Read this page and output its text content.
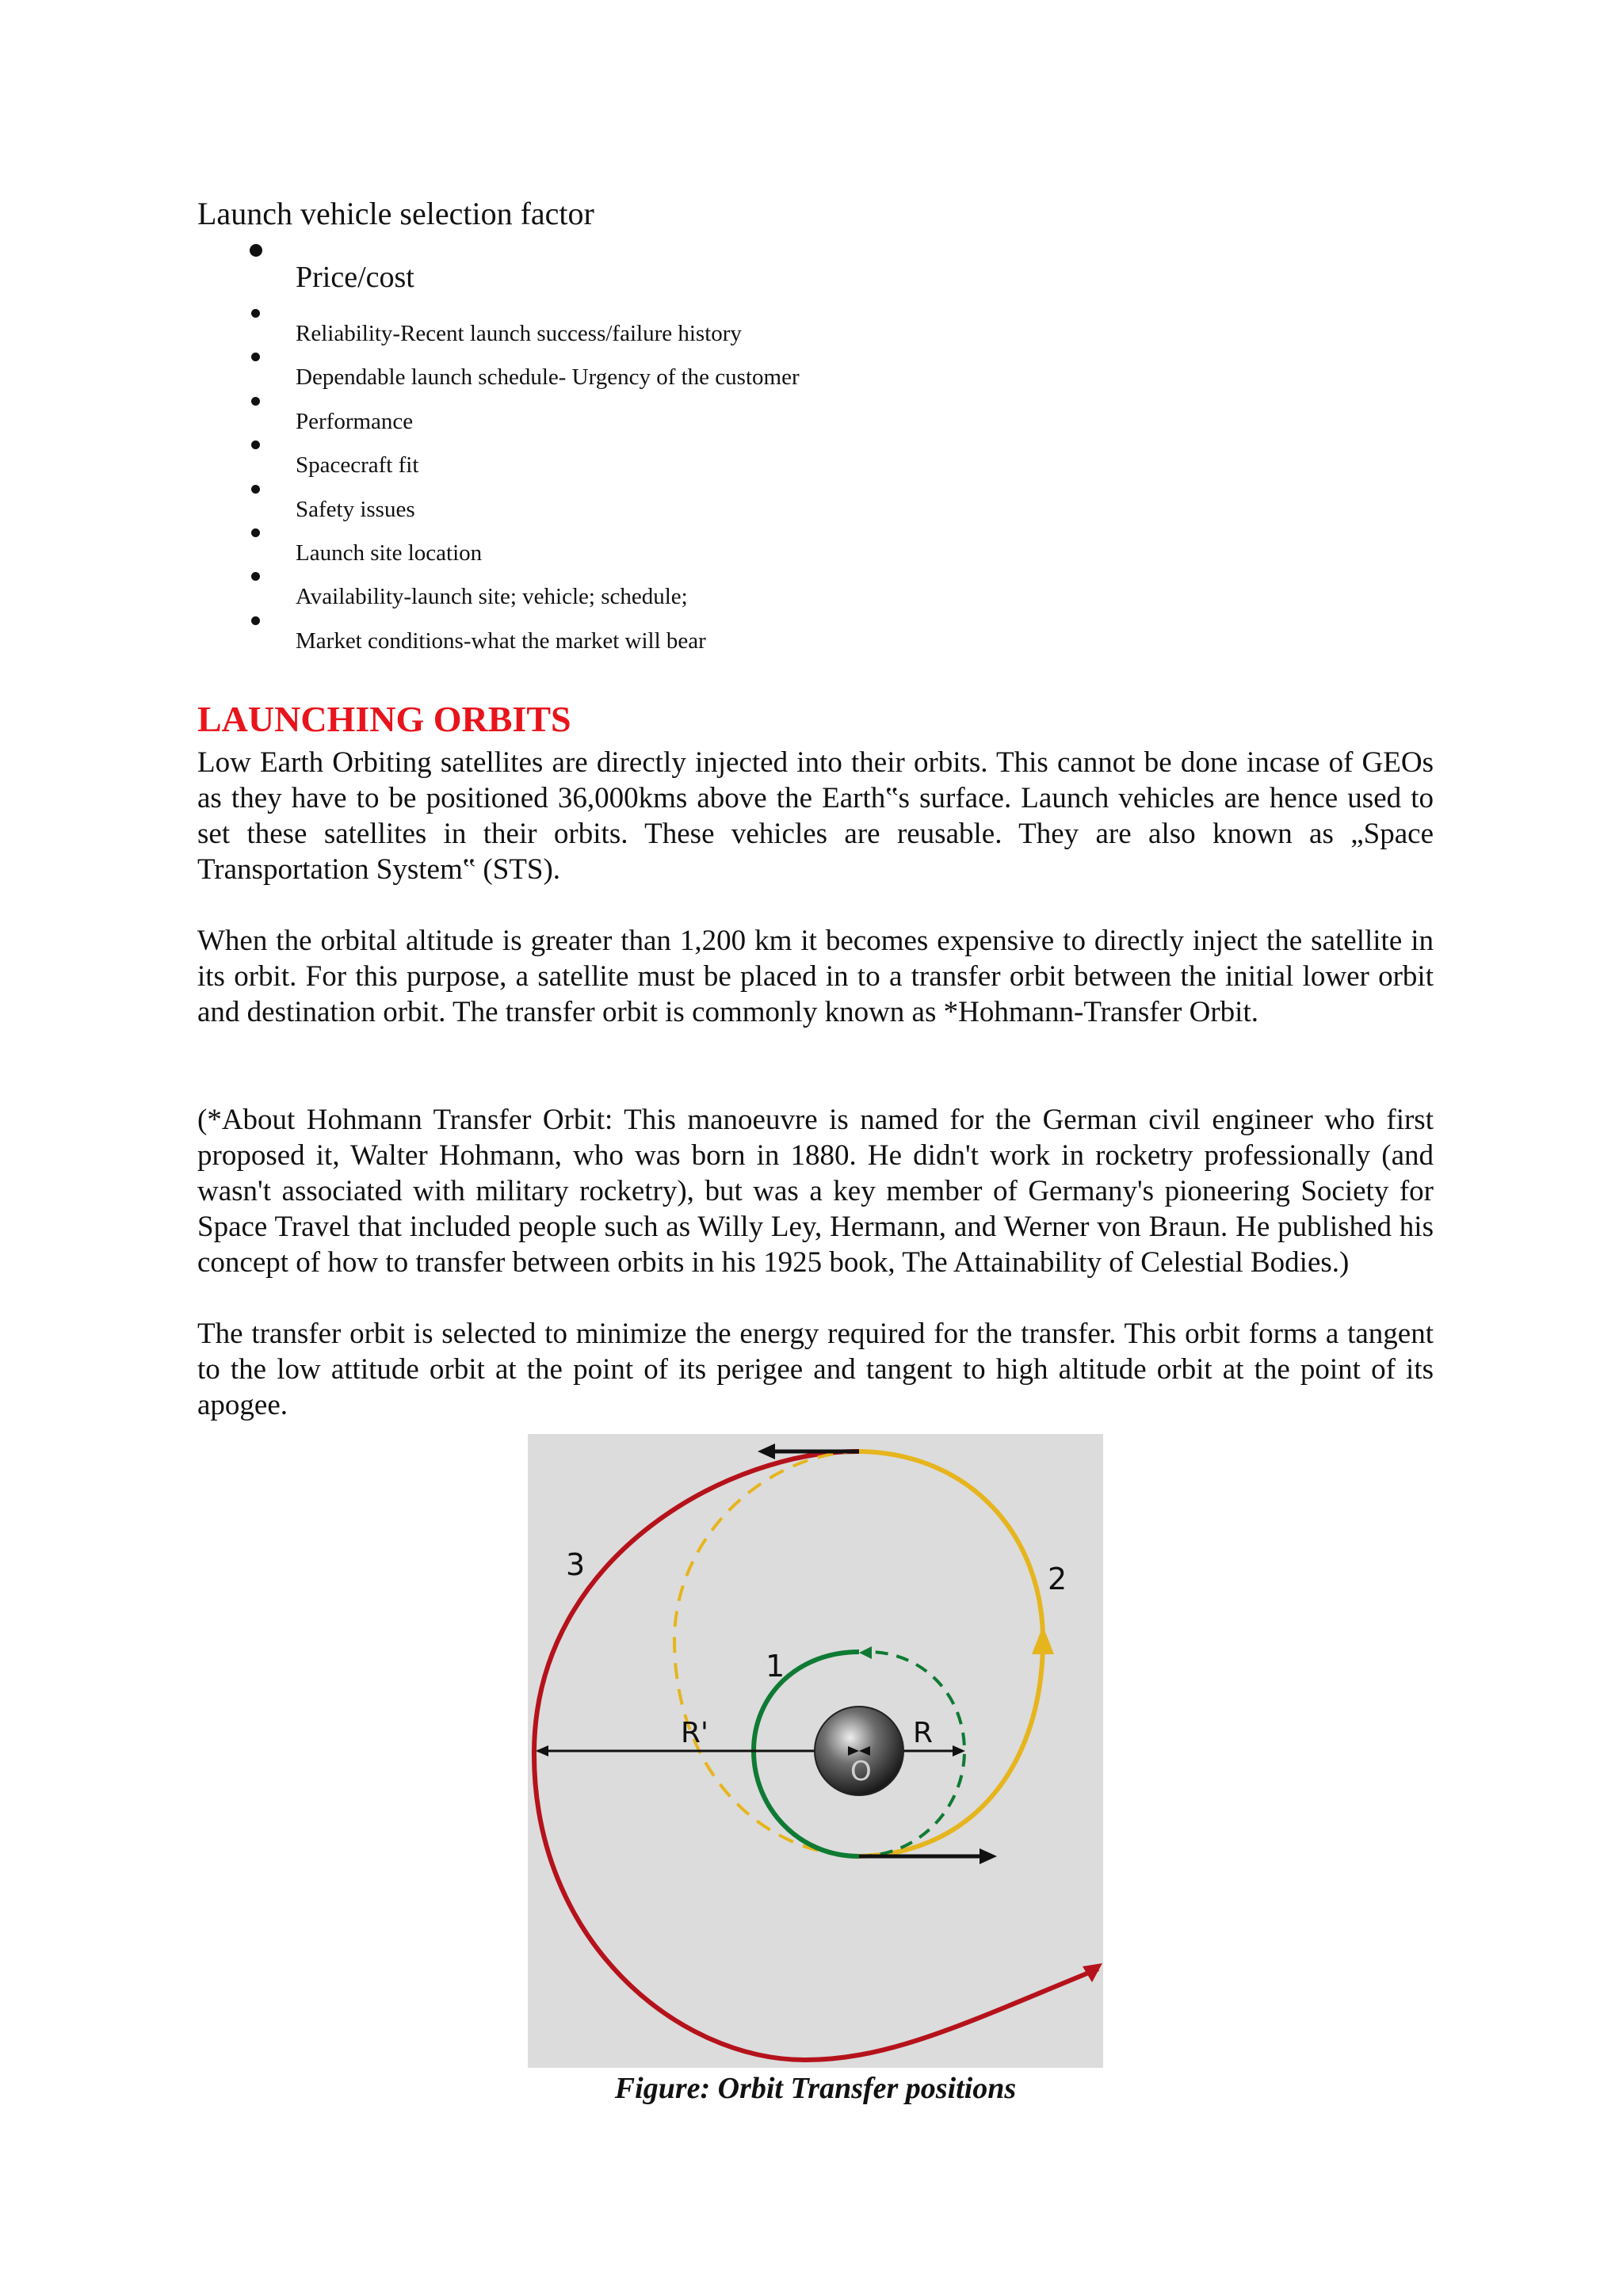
Launch vehicle selection factor
Price/cost
Reliability-Recent launch success/failure history
Dependable launch schedule- Urgency of the customer
Performance
Spacecraft fit
Safety issues
Launch site location
Availability-launch site; vehicle; schedule;
Market conditions-what the market will bear
LAUNCHING ORBITS

Low Earth Orbiting satellites are directly injected into their orbits. This cannot be done incase of GEOs as they have to be positioned 36,000kms above the Earth‟s surface. Launch vehicles are hence used to set these satellites in their orbits. These vehicles are reusable. They are also known as „Space Transportation System‟ (STS).

When the orbital altitude is greater than 1,200 km it becomes expensive to directly inject the satellite in its orbit. For this purpose, a satellite must be placed in to a transfer orbit between the initial lower orbit and destination orbit. The transfer orbit is commonly known as *Hohmann-Transfer Orbit.

(*About Hohmann Transfer Orbit: This manoeuvre is named for the German civil engineer who first proposed it, Walter Hohmann, who was born in 1880. He didn't work in rocketry professionally (and wasn't associated with military rocketry), but was a key member of Germany's pioneering Society for Space Travel that included people such as Willy Ley, Hermann, and Werner von Braun. He published his concept of how to transfer between orbits in his 1925 book, The Attainability of Celestial Bodies.)

The transfer orbit is selected to minimize the energy required for the transfer. This orbit forms a tangent to the low attitude orbit at the point of its perigee and tangent to high altitude orbit at the point of its apogee.

3	2
1
R'	R
O
Figure: Orbit Transfer positions
